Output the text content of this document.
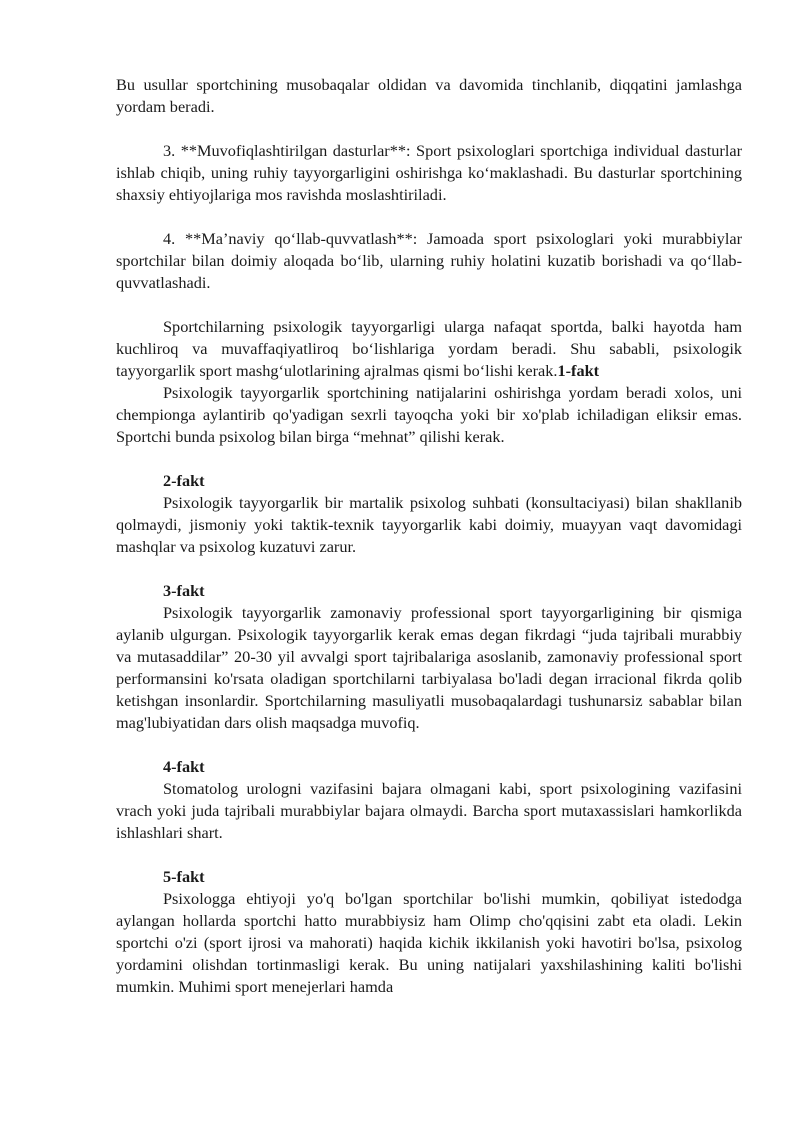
Bu usullar sportchining musobaqalar oldidan va davomida tinchlanib, diqqatini jamlashga yordam beradi.

3. **Muvofiqlashtirilgan dasturlar**: Sport psixologlari sportchiga individual dasturlar ishlab chiqib, uning ruhiy tayyorgarligini oshirishga ko‘maklashadi. Bu dasturlar sportchining shaxsiy ehtiyojlariga mos ravishda moslashtiriladi.

4. **Ma’naviy qo‘llab-quvvatlash**: Jamoada sport psixologlari yoki murabbiylar sportchilar bilan doimiy aloqada bo‘lib, ularning ruhiy holatini kuzatib borishadi va qo‘llab-quvvatlashadi.

Sportchilarning psixologik tayyorgarligi ularga nafaqat sportda, balki hayotda ham kuchliroq va muvaffaqiyatliroq bo‘lishlariga yordam beradi. Shu sababli, psixologik tayyorgarlik sport mashg‘ulotlarining ajralmas qismi bo‘lishi kerak.1-fakt

Psixologik tayyorgarlik sportchining natijalarini oshirishga yordam beradi xolos, uni chempionga aylantirib qo'yadigan sexrli tayoqcha yoki bir xo'plab ichiladigan eliksir emas. Sportchi bunda psixolog bilan birga “mehnat” qilishi kerak.

2-fakt

Psixologik tayyorgarlik bir martalik psixolog suhbati (konsultaciyasi) bilan shakllanib qolmaydi, jismoniy yoki taktik-texnik tayyorgarlik kabi doimiy, muayyan vaqt davomidagi mashqlar va psixolog kuzatuvi zarur.

3-fakt

Psixologik tayyorgarlik zamonaviy professional sport tayyorgarligining bir qismiga aylanib ulgurgan. Psixologik tayyorgarlik kerak emas degan fikrdagi “juda tajribali murabbiy va mutasaddilar” 20-30 yil avvalgi sport tajribalariga asoslanib, zamonaviy professional sport performansini ko'rsata oladigan sportchilarni tarbiyalasa bo'ladi degan irracional fikrda qolib ketishgan insonlardir. Sportchilarning masuliyatli musobaqalardagi tushunarsiz sabablar bilan mag'lubiyatidan dars olish maqsadga muvofiq.

4-fakt

Stomatolog urologni vazifasini bajara olmagani kabi, sport psixologining vazifasini vrach yoki juda tajribali murabbiylar bajara olmaydi. Barcha sport mutaxassislari hamkorlikda ishlashlari shart.

5-fakt

Psixologga ehtiyoji yo'q bo'lgan sportchilar bo'lishi mumkin, qobiliyat istedodga aylangan hollarda sportchi hatto murabbiysiz ham Olimp cho'qqisini zabt eta oladi. Lekin sportchi o'zi (sport ijrosi va mahorati) haqida kichik ikkilanish yoki havotiri bo'lsa, psixolog yordamini olishdan tortinmasligi kerak. Bu uning natijalari yaxshilashining kaliti bo'lishi mumkin. Muhimi sport menejerlari hamda
